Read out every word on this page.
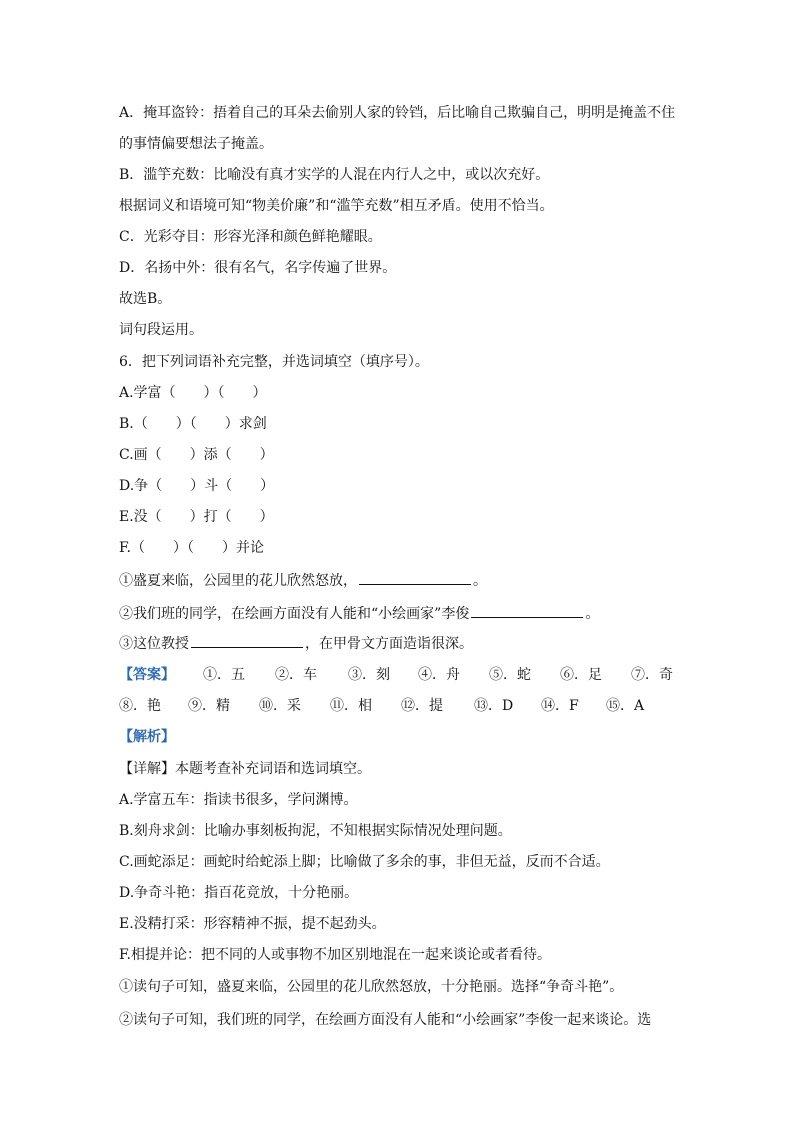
A．掩耳盗铃：捂着自己的耳朵去偷别人家的铃铛，后比喻自己欺骗自己，明明是掩盖不住
的事情偏要想法子掩盖。
B．滥竽充数：比喻没有真才实学的人混在内行人之中，或以次充好。
根据词义和语境可知“物美价廉”和“滥竽充数”相互矛盾。使用不恰当。
C．光彩夺目：形容光泽和颜色鲜艳耀眼。
D．名扬中外：很有名气，名字传遍了世界。
故选B。
词句段运用。
6．把下列词语补充完整，并选词填空（填序号）。
A.学富（　　）（　　）
B.（　　）（　　）求剑
C.画（　　）添（　　）
D.争（　　）斗（　　）
E.没（　　）打（　　）
F.（　　）（　　）并论
①盛夏来临，公园里的花儿欣然怒放，	。
②我们班的同学，在绘画方面没有人能和“小绘画家”李俊	。
③这位教授	，在甲骨文方面造诣很深。
【答案】 ①．五 ②．车 ③．刻 ④．舟 ⑤．蛇 ⑥．足 ⑦．奇
⑧．艳 ⑨．精 ⑩．采 ⑪．相 ⑫．提 ⑬．D ⑭．F ⑮．A
【解析】
【详解】本题考查补充词语和选词填空。
A.学富五车：指读书很多，学问渊博。
B.刻舟求剑：比喻办事刻板拘泥，不知根据实际情况处理问题。
C.画蛇添足：画蛇时给蛇添上脚；比喻做了多余的事，非但无益，反而不合适。
D.争奇斗艳：指百花竞放，十分艳丽。
E.没精打采：形容精神不振，提不起劲头。
F.相提并论：把不同的人或事物不加区别地混在一起来谈论或者看待。
①读句子可知，盛夏来临，公园里的花儿欣然怒放，十分艳丽。选择“争奇斗艳”。
②读句子可知，我们班的同学，在绘画方面没有人能和“小绘画家”李俊一起来谈论。选
